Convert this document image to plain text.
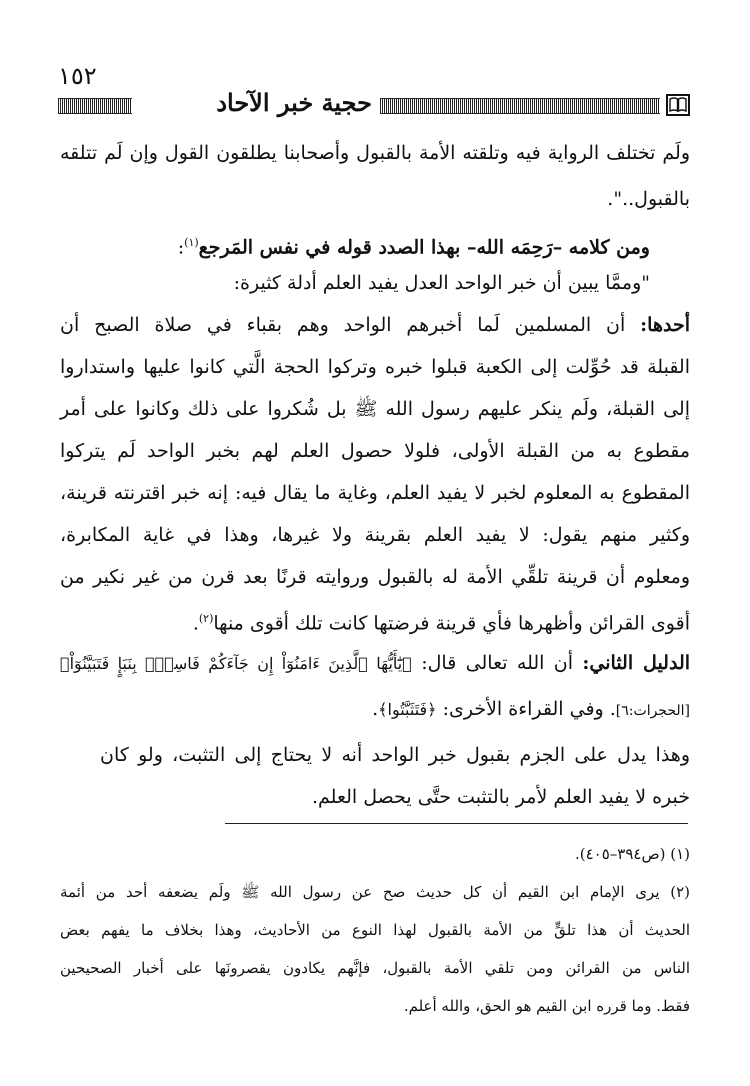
١٥٢
حجية خبر الآحاد
ولَم تختلف الرواية فيه وتلقته الأمة بالقبول وأصحابنا يطلقون القول وإن لَم تتلقه
بالقبول..".
ومن كلامه –رَحِمَه الله– بهذا الصدد قوله في نفس المَرجع$^{(١)}$:
"وممَّا يبين أن خبر الواحد العدل يفيد العلم أدلة كثيرة:
أحدها: أن المسلمين لَما أخبرهم الواحد وهم بقباء في صلاة الصبح أن
القبلة قد حُوِّلت إلى الكعبة قبلوا خبره وتركوا الحجة الَّتي كانوا عليها واستداروا
إلى القبلة، ولَم ينكر عليهم رسول الله ﷺ بل شُكروا على ذلك وكانوا على أمر
مقطوع به من القبلة الأولى، فلولا حصول العلم لهم بخبر الواحد لَم يتركوا
المقطوع به المعلوم لخبر لا يفيد العلم، وغاية ما يقال فيه: إنه خبر اقترنته قرينة،
وكثير منهم يقول: لا يفيد العلم بقرينة ولا غيرها، وهذا في غاية المكابرة،
ومعلوم أن قرينة تلقِّي الأمة له بالقبول وروايته قرنًا بعد قرن من غير نكير من
أقوى القرائن وأظهرها فأي قرينة فرضتها كانت تلك أقوى منها$^{(٢)}$.
الدليل الثاني: أن الله تعالى قال: ﴿يَٰٓأَيُّهَا ٱلَّذِينَ ءَامَنُوٓاْ إِن جَآءَكُمْ فَاسِقٌۢ بِنَبَإٍ فَتَبَيَّنُوٓاْ﴾
[الحجرات:٦]. وفي القراءة الأخرى: ﴿فَتَثَبَّتُوا﴾.
وهذا يدل على الجزم بقبول خبر الواحد أنه لا يحتاج إلى التثبت، ولو كان
خبره لا يفيد العلم لأمر بالتثبت حتَّى يحصل العلم.
(١) (ص٣٩٤–٤٠٥).
(٢) يرى الإمام ابن القيم أن كل حديث صح عن رسول الله ﷺ ولَم يضعفه أحد من أئمة
الحديث أن هذا تلقٍّ من الأمة بالقبول لهذا النوع من الأحاديث، وهذا بخلاف ما يفهم بعض
الناس من القرائن ومن تلقي الأمة بالقبول، فإنَّهم يكادون يقصرونَها على أخبار الصحيحين
فقط. وما قرره ابن القيم هو الحق، والله أعلم.
